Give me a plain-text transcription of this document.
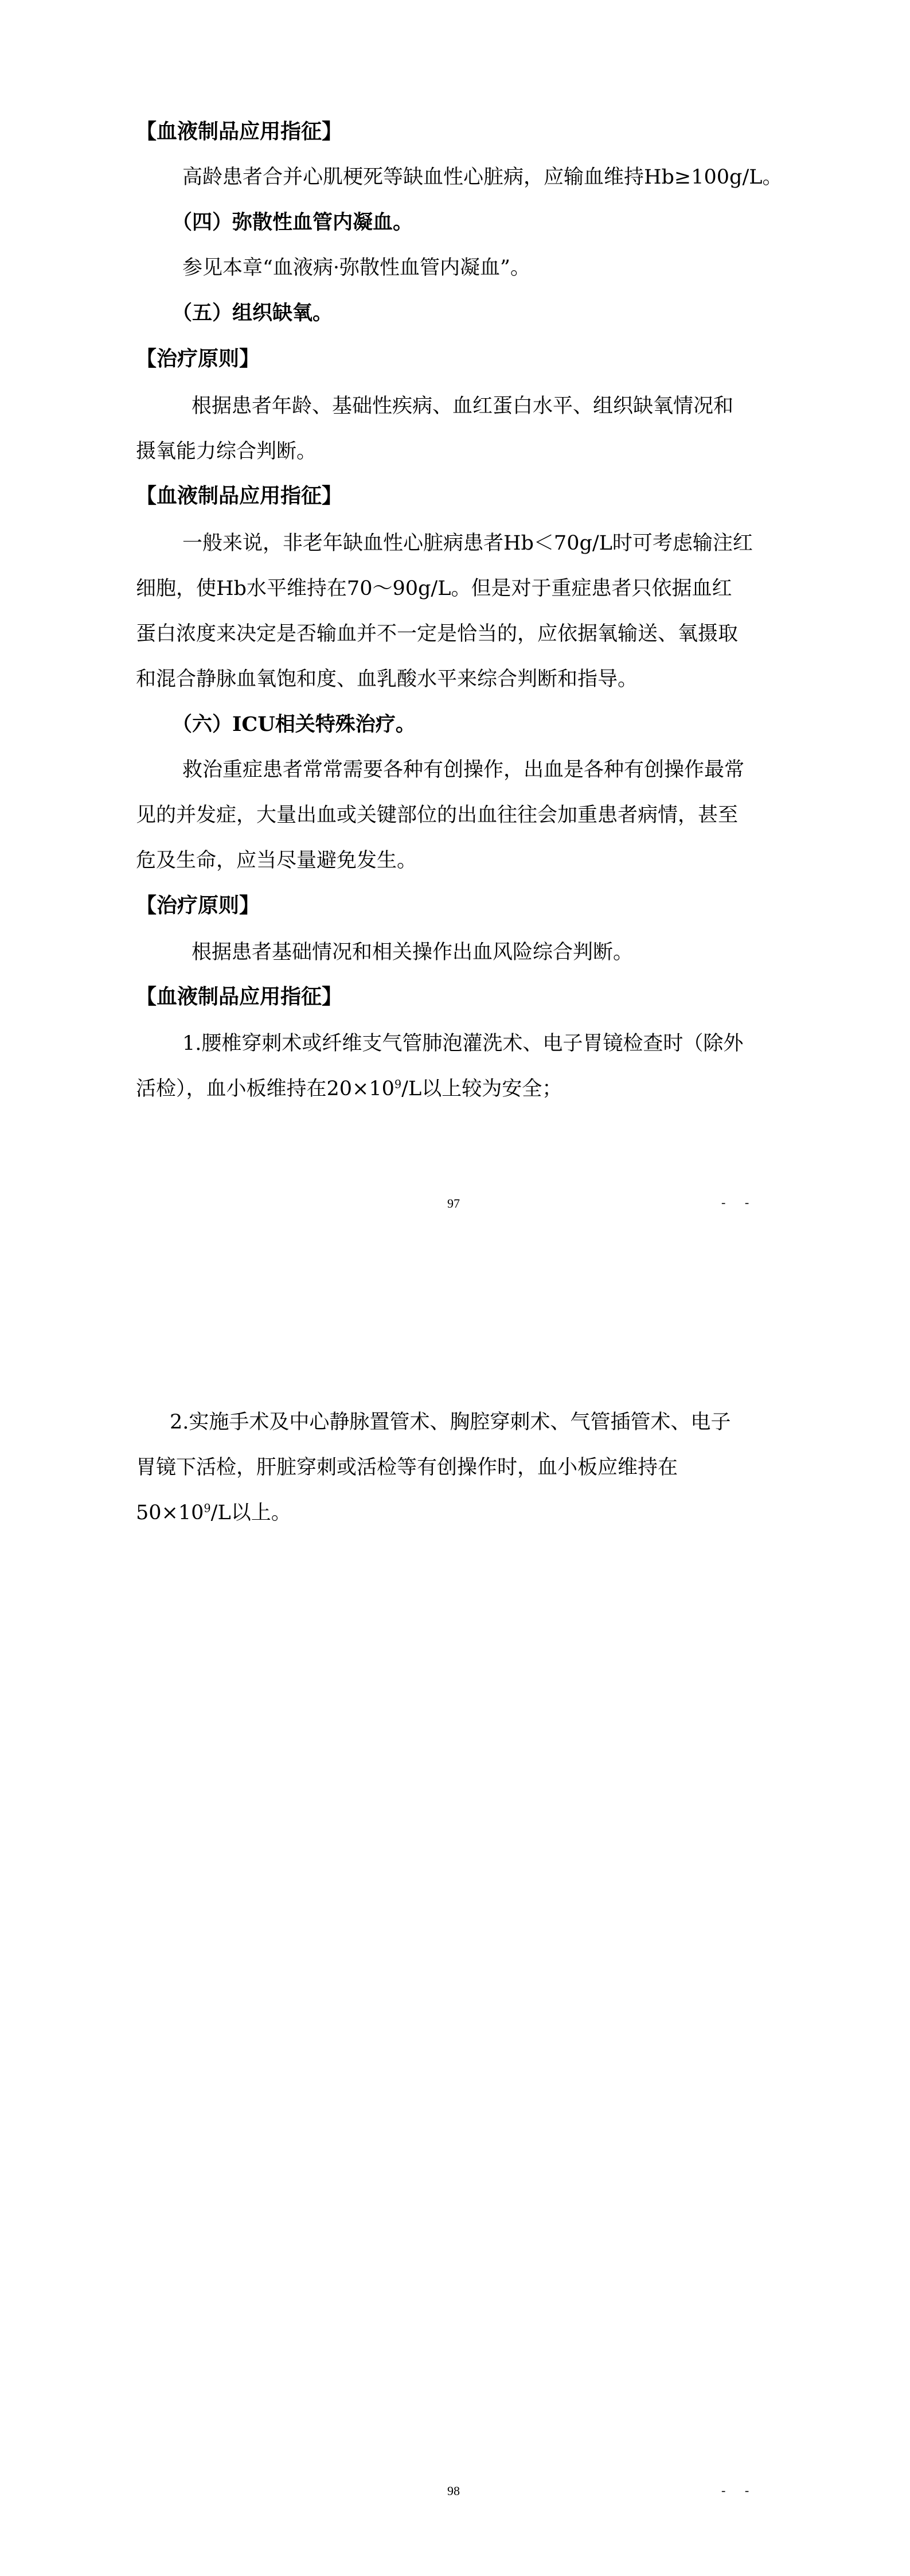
【血液制品应用指征】
高龄患者合并心肌梗死等缺血性心脏病，应输血维持Hb≥100g/L。
（四）弥散性血管内凝血。
参见本章“血液病·弥散性血管内凝血”。
（五）组织缺氧。
【治疗原则】
根据患者年龄、基础性疾病、血红蛋白水平、组织缺氧情况和
摄氧能力综合判断。
【血液制品应用指征】
一般来说，非老年缺血性心脏病患者Hb＜70g/L时可考虑输注红
细胞，使Hb水平维持在70～90g/L。但是对于重症患者只依据血红
蛋白浓度来决定是否输血并不一定是恰当的，应依据氧输送、氧摄取
和混合静脉血氧饱和度、血乳酸水平来综合判断和指导。
（六）ICU相关特殊治疗。
救治重症患者常常需要各种有创操作，出血是各种有创操作最常
见的并发症，大量出血或关键部位的出血往往会加重患者病情，甚至
危及生命，应当尽量避免发生。
【治疗原则】
根据患者基础情况和相关操作出血风险综合判断。
【血液制品应用指征】
1.腰椎穿刺术或纤维支气管肺泡灌洗术、电子胃镜检查时（除外
活检），血小板维持在$20\times 10^9/L$以上较为安全；
97	- -
2.实施手术及中心静脉置管术、胸腔穿刺术、气管插管术、电子
胃镜下活检，肝脏穿刺或活检等有创操作时，血小板应维持在
$50\times 10^9/L$以上。
98	- -
